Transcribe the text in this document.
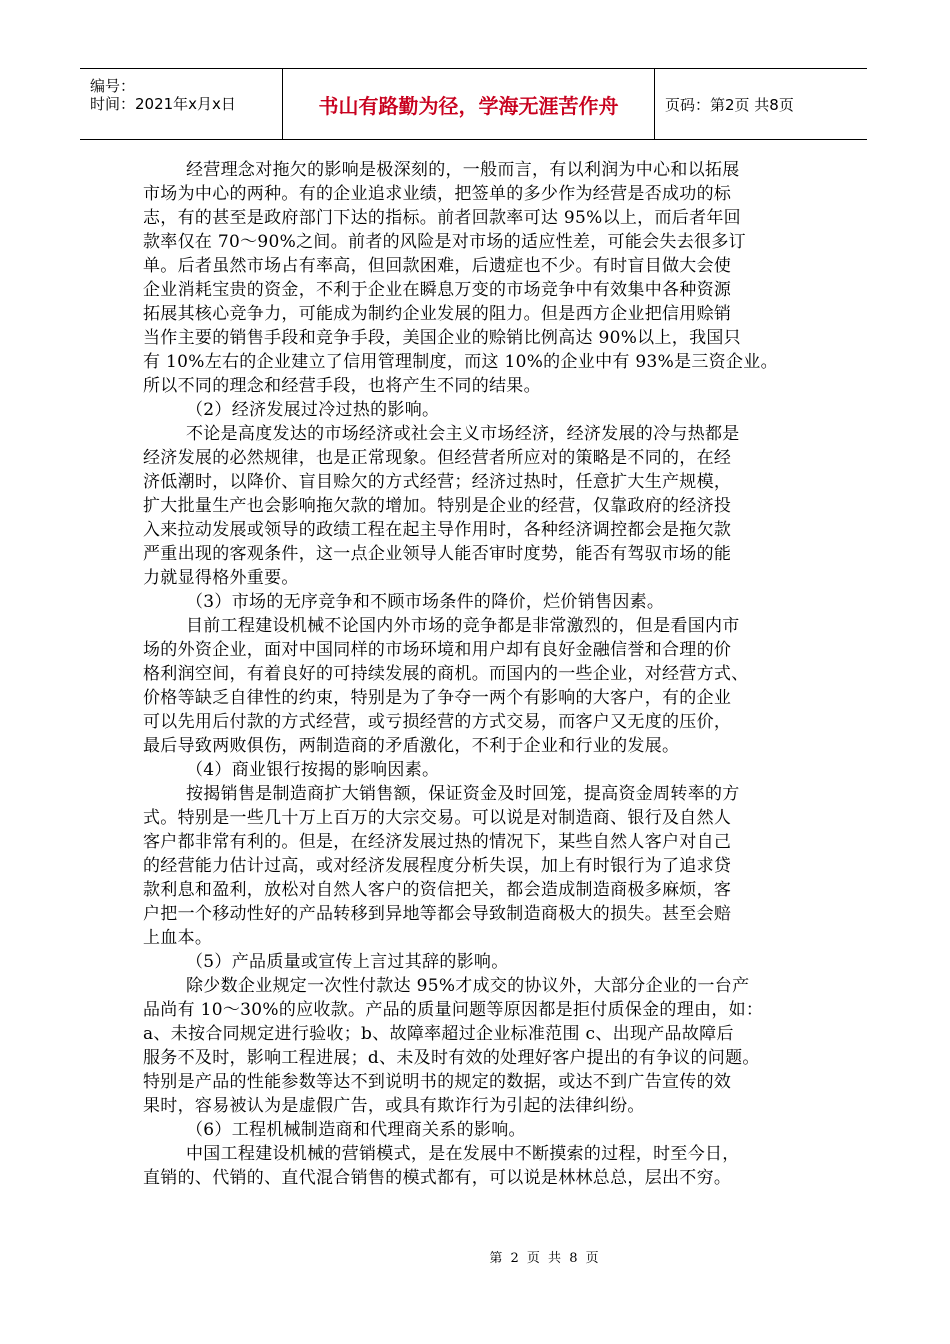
编号：
时间：2021年x月x日	书山有路勤为径，学海无涯苦作舟	页码：第2页 共8页
经营理念对拖欠的影响是极深刻的，一般而言，有以利润为中心和以拓展
市场为中心的两种。有的企业追求业绩，把签单的多少作为经营是否成功的标
志，有的甚至是政府部门下达的指标。前者回款率可达 95%以上，而后者年回
款率仅在 70～90%之间。前者的风险是对市场的适应性差，可能会失去很多订
单。后者虽然市场占有率高，但回款困难，后遗症也不少。有时盲目做大会使
企业消耗宝贵的资金，不利于企业在瞬息万变的市场竞争中有效集中各种资源
拓展其核心竞争力，可能成为制约企业发展的阻力。但是西方企业把信用赊销
当作主要的销售手段和竞争手段，美国企业的赊销比例高达 90%以上，我国只
有 10%左右的企业建立了信用管理制度，而这 10%的企业中有 93%是三资企业。
所以不同的理念和经营手段，也将产生不同的结果。
（2）经济发展过冷过热的影响。
不论是高度发达的市场经济或社会主义市场经济，经济发展的冷与热都是
经济发展的必然规律，也是正常现象。但经营者所应对的策略是不同的，在经
济低潮时，以降价、盲目赊欠的方式经营；经济过热时，任意扩大生产规模，
扩大批量生产也会影响拖欠款的增加。特别是企业的经营，仅靠政府的经济投
入来拉动发展或领导的政绩工程在起主导作用时，各种经济调控都会是拖欠款
严重出现的客观条件，这一点企业领导人能否审时度势，能否有驾驭市场的能
力就显得格外重要。
（3）市场的无序竞争和不顾市场条件的降价，烂价销售因素。
目前工程建设机械不论国内外市场的竞争都是非常激烈的，但是看国内市
场的外资企业，面对中国同样的市场环境和用户却有良好金融信誉和合理的价
格利润空间，有着良好的可持续发展的商机。而国内的一些企业，对经营方式、
价格等缺乏自律性的约束，特别是为了争夺一两个有影响的大客户，有的企业
可以先用后付款的方式经营，或亏损经营的方式交易，而客户又无度的压价，
最后导致两败俱伤，两制造商的矛盾激化，不利于企业和行业的发展。
（4）商业银行按揭的影响因素。
按揭销售是制造商扩大销售额，保证资金及时回笼，提高资金周转率的方
式。特别是一些几十万上百万的大宗交易。可以说是对制造商、银行及自然人
客户都非常有利的。但是，在经济发展过热的情况下，某些自然人客户对自己
的经营能力估计过高，或对经济发展程度分析失误，加上有时银行为了追求贷
款利息和盈利，放松对自然人客户的资信把关，都会造成制造商极多麻烦，客
户把一个移动性好的产品转移到异地等都会导致制造商极大的损失。甚至会赔
上血本。
（5）产品质量或宣传上言过其辞的影响。
除少数企业规定一次性付款达 95%才成交的协议外，大部分企业的一台产
品尚有 10～30%的应收款。产品的质量问题等原因都是拒付质保金的理由，如：
a、未按合同规定进行验收；b、故障率超过企业标准范围 c、出现产品故障后
服务不及时，影响工程进展；d、未及时有效的处理好客户提出的有争议的问题。
特别是产品的性能参数等达不到说明书的规定的数据，或达不到广告宣传的效
果时，容易被认为是虚假广告，或具有欺诈行为引起的法律纠纷。
（6）工程机械制造商和代理商关系的影响。
中国工程建设机械的营销模式，是在发展中不断摸索的过程，时至今日，
直销的、代销的、直代混合销售的模式都有，可以说是林林总总，层出不穷。
第 2 页 共 8 页
